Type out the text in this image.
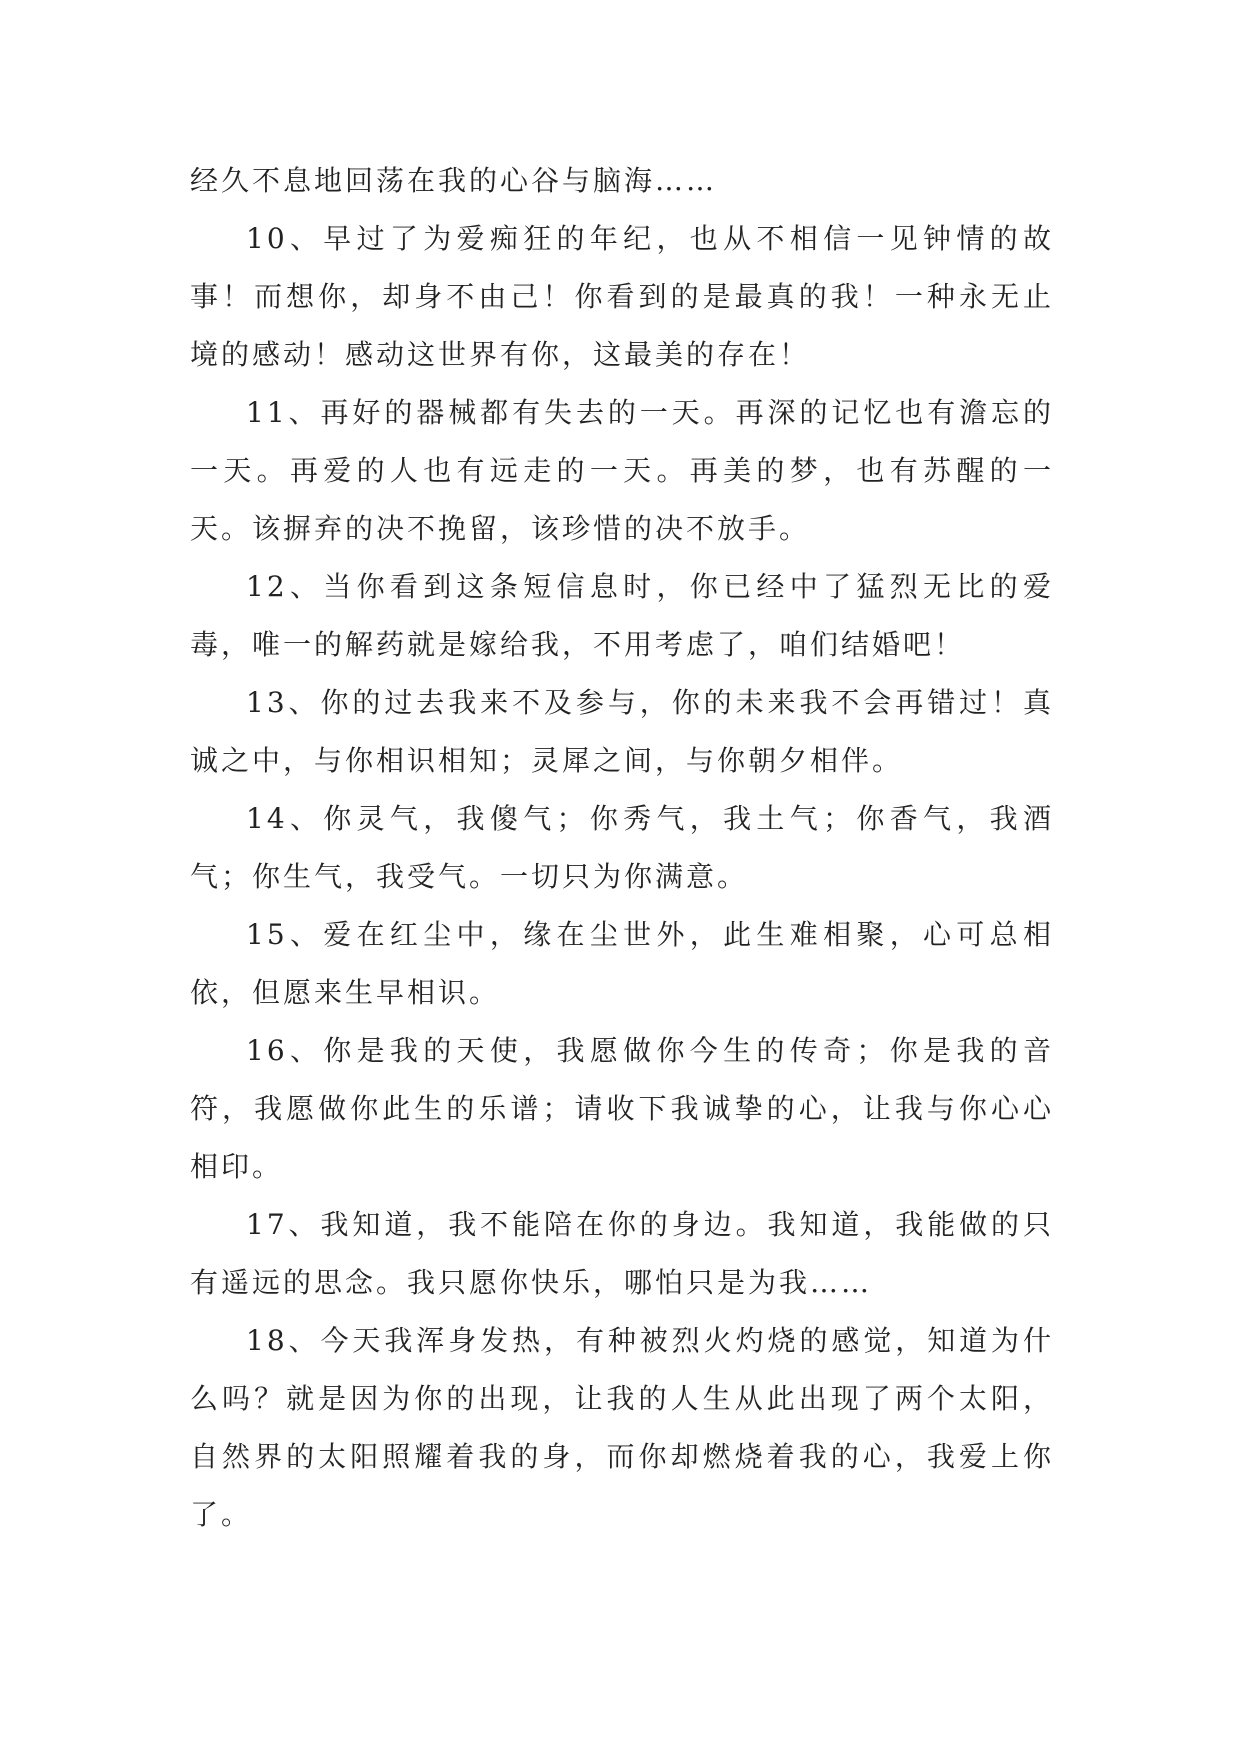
经久不息地回荡在我的心谷与脑海……

10、早过了为爱痴狂的年纪，也从不相信一见钟情的故事！而想你，却身不由己！你看到的是最真的我！一种永无止境的感动！感动这世界有你，这最美的存在！

11、再好的器械都有失去的一天。再深的记忆也有澹忘的一天。再爱的人也有远走的一天。再美的梦，也有苏醒的一天。该摒弃的决不挽留，该珍惜的决不放手。

12、当你看到这条短信息时，你已经中了猛烈无比的爱毒，唯一的解药就是嫁给我，不用考虑了，咱们结婚吧！

13、你的过去我来不及参与，你的未来我不会再错过！真诚之中，与你相识相知；灵犀之间，与你朝夕相伴。

14、你灵气，我傻气；你秀气，我土气；你香气，我酒气；你生气，我受气。一切只为你满意。

15、爱在红尘中，缘在尘世外，此生难相聚，心可总相依，但愿来生早相识。

16、你是我的天使，我愿做你今生的传奇；你是我的音符，我愿做你此生的乐谱；请收下我诚挚的心，让我与你心心相印。

17、我知道，我不能陪在你的身边。我知道，我能做的只有遥远的思念。我只愿你快乐，哪怕只是为我……

18、今天我浑身发热，有种被烈火灼烧的感觉，知道为什么吗？就是因为你的出现，让我的人生从此出现了两个太阳，自然界的太阳照耀着我的身，而你却燃烧着我的心，我爱上你了。
